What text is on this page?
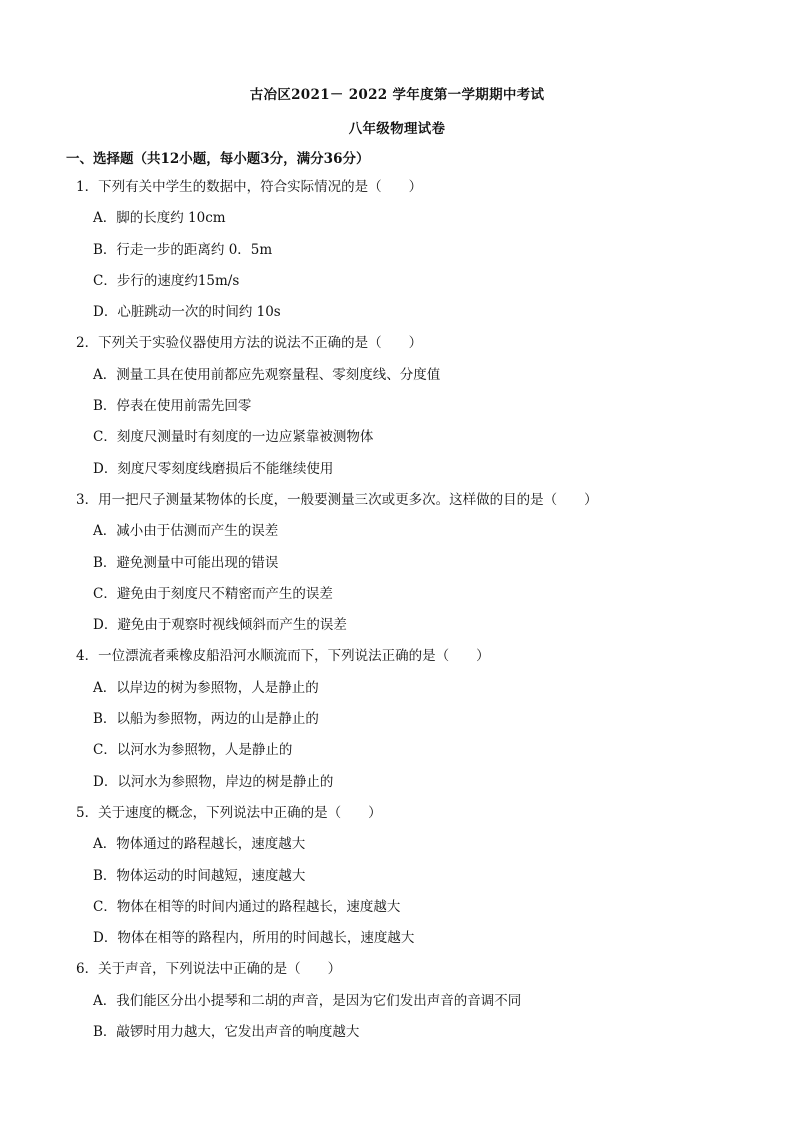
古冶区2021－ 2022 学年度第一学期期中考试
八年级物理试卷
一、选择题（共12小题，每小题3分，满分36分）
1．下列有关中学生的数据中，符合实际情况的是（　　）
A．脚的长度约 10cm
B．行走一步的距离约 0．5m
C．步行的速度约15m/s
D．心脏跳动一次的时间约 10s
2．下列关于实验仪器使用方法的说法不正确的是（　　）
A．测量工具在使用前都应先观察量程、零刻度线、分度值
B．停表在使用前需先回零
C．刻度尺测量时有刻度的一边应紧靠被测物体
D．刻度尺零刻度线磨损后不能继续使用
3．用一把尺子测量某物体的长度，一般要测量三次或更多次。这样做的目的是（　　）
A．减小由于估测而产生的误差
B．避免测量中可能出现的错误
C．避免由于刻度尺不精密而产生的误差
D．避免由于观察时视线倾斜而产生的误差
4．一位漂流者乘橡皮船沿河水顺流而下，下列说法正确的是（　　）
A．以岸边的树为参照物，人是静止的
B．以船为参照物，两边的山是静止的
C．以河水为参照物，人是静止的
D．以河水为参照物，岸边的树是静止的
5．关于速度的概念，下列说法中正确的是（　　）
A．物体通过的路程越长，速度越大
B．物体运动的时间越短，速度越大
C．物体在相等的时间内通过的路程越长，速度越大
D．物体在相等的路程内，所用的时间越长，速度越大
6．关于声音，下列说法中正确的是（　　）
A．我们能区分出小提琴和二胡的声音，是因为它们发出声音的音调不同
B．敲锣时用力越大，它发出声音的响度越大
